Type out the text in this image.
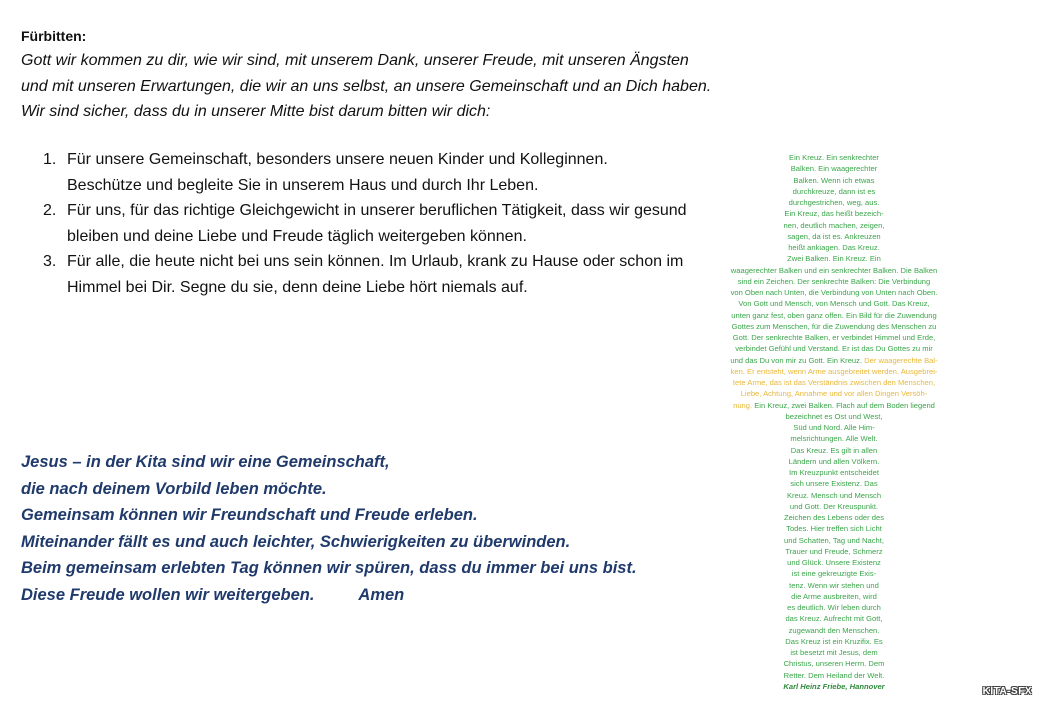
Fürbitten:
Gott wir kommen zu dir, wie wir sind, mit unserem Dank, unserer Freude, mit unseren Ängsten
und mit unseren Erwartungen, die wir an uns selbst, an unsere Gemeinschaft und an Dich haben.
Wir sind sicher, dass du in unserer Mitte bist darum bitten wir dich:
1. Für unsere Gemeinschaft, besonders unsere neuen Kinder und Kolleginnen.
Beschütze und begleite Sie in unserem Haus und durch Ihr Leben.
2. Für uns, für das richtige Gleichgewicht in unserer beruflichen Tätigkeit, dass wir gesund
bleiben und deine Liebe und Freude täglich weitergeben können.
3. Für alle, die heute nicht bei uns sein können. Im Urlaub, krank zu Hause oder schon im
Himmel bei Dir. Segne du sie, denn deine Liebe hört niemals auf.
Jesus – in der Kita sind wir eine Gemeinschaft,
die nach deinem Vorbild leben möchte.
Gemeinsam können wir Freundschaft und Freude erleben.
Miteinander fällt es und auch leichter, Schwierigkeiten zu überwinden.
Beim gemeinsam erlebten Tag können wir spüren, dass du immer bei uns bist.
Diese Freude wollen wir weitergeben.	Amen
Ein Kreuz. Ein senkrechter
Balken. Ein waagerechter
Balken. Wenn ich etwas
durchkreuze, dann ist es
durchgestrichen, weg, aus.
Ein Kreuz, das heißt bezeich-
nen, deutlich machen, zeigen,
sagen, da ist es. Ankreuzen
heißt ankiagen. Das Kreuz.
Zwei Balken. Ein Kreuz. Ein
waagerechter Balken und ein senkrechter Balken. Die Balken
sind ein Zeichen. Der senkrechte Balken: Die Verbindung
von Oben nach Unten, die Verbindung von Unten nach Oben.
Von Gott und Mensch, von Mensch und Gott. Das Kreuz,
unten ganz fest, oben ganz offen. Ein Bild für die Zuwendung
Gottes zum Menschen, für die Zuwendung des Menschen zu
Gott. Der senkrechte Balken, er verbindet Himmel und Erde,
verbindet Gefühl und Verstand. Er ist das Du Gottes zu mir
und das Du von mir zu Gott. Ein Kreuz. Der waagerechte Bal-
ken. Er entsteht, wenn Arme ausgebreitet werden. Ausgebrei-
tete Arme, das ist das Verständnis zwischen den Menschen,
Liebe, Achtung, Annahme und vor allen Dingen Versöh-
nung. Ein Kreuz, zwei Balken. Flach auf dem Boden liegend
bezeichnet es Ost und West,
Süd und Nord. Alle Him-
melsrichtungen. Alle Welt.
Das Kreuz. Es gilt in allen
Ländern und allen Völkern.
Im Kreuzpunkt entscheidet
sich unsere Existenz. Das
Kreuz. Mensch und Mensch
und Gott. Der Kreuspunkt.
Zeichen des Lebens oder des
Todes. Hier treffen sich Licht
und Schatten, Tag und Nacht,
Trauer und Freude, Schmerz
und Glück. Unsere Existenz
ist eine gekreuzigte Exis-
tenz. Wenn wir stehen und
die Arme ausbreiten, wird
es deutlich. Wir leben durch
das Kreuz. Aufrecht mit Gott,
zugewandt den Menschen.
Das Kreuz ist ein Kruzifix. Es
ist besetzt mit Jesus, dem
Christus, unseren Herrn. Dem
Retter. Dem Heiland der Welt.
Karl Heinz Friebe, Hannover	KITA-SFX
